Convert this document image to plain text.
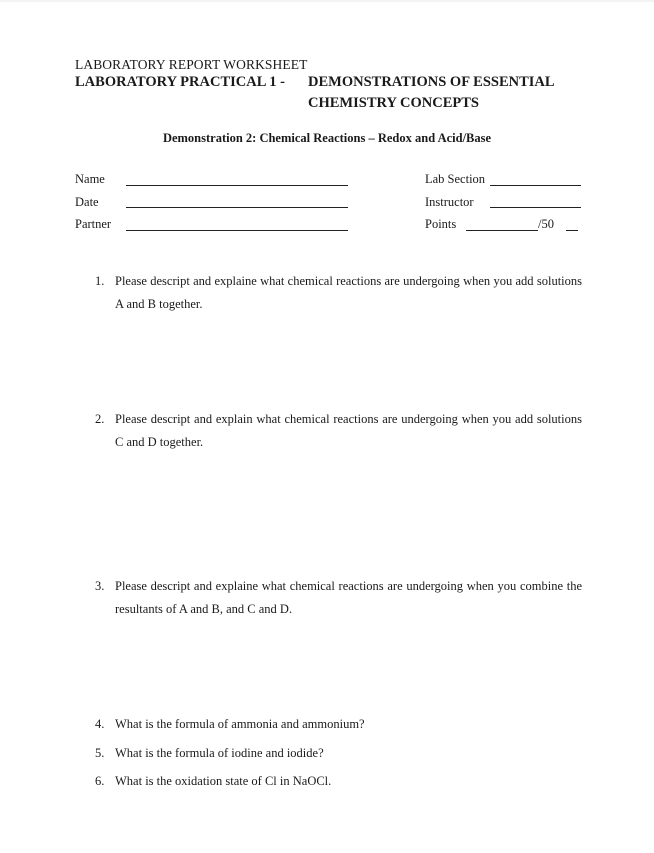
LABORATORY REPORT WORKSHEET
LABORATORY PRACTICAL 1 - DEMONSTRATIONS OF ESSENTIAL
CHEMISTRY CONCEPTS
Demonstration 2: Chemical Reactions – Redox and Acid/Base
Name
Date
Partner
Lab Section
Instructor
Points	/50
1. Please descript and explaine what chemical reactions are undergoing when you add solutions A and B together.
2. Please descript and explain what chemical reactions are undergoing when you add solutions C and D together.
3. Please descript and explaine what chemical reactions are undergoing when you combine the resultants of A and B, and C and D.
4. What is the formula of ammonia and ammonium?
5. What is the formula of iodine and iodide?
6. What is the oxidation state of Cl in NaOCl.
